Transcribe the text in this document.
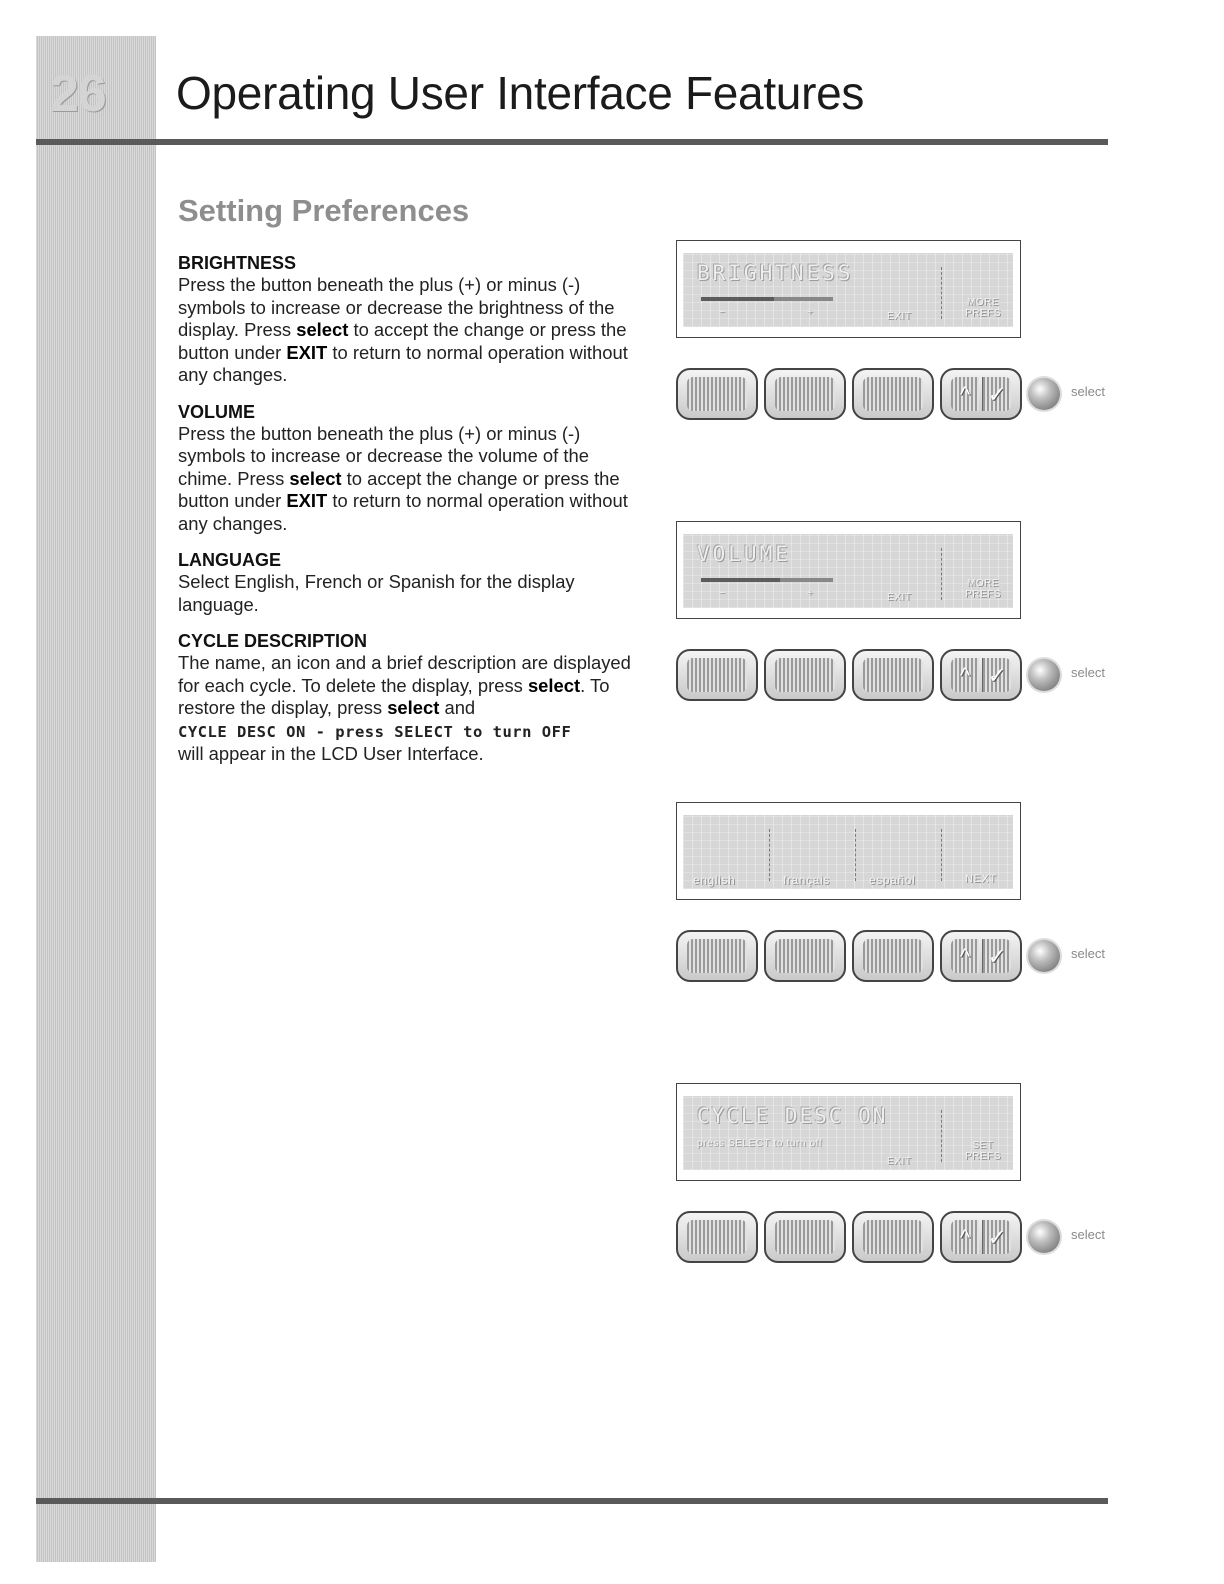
26 Operating User Interface Features
Setting Preferences
BRIGHTNESS

Press the button beneath the plus (+) or minus (-) symbols to increase or decrease the brightness of the display. Press select to accept the change or press the button under EXIT to return to normal operation without any changes.

VOLUME

Press the button beneath the plus (+) or minus (-) symbols to increase or decrease the volume of the chime. Press select to accept the change or press the button under EXIT to return to normal operation without any changes.

LANGUAGE

Select English, French or Spanish for the display language.

CYCLE DESCRIPTION

The name, an icon and a brief description are displayed for each cycle. To delete the display, press select. To restore the display, press select and
CYCLE DESC ON - press SELECT to turn OFF
will appear in the LCD User Interface.

BRIGHTNESS
−	+	EXIT
MORE
PREFS
^ ✓	select
VOLUME
−	+	EXIT
MORE
PREFS
^ ✓	select
english	français	español	NEXT
^ ✓	select
CYCLE DESC ON
press SELECT to turn off
EXIT
SET
PREFS
^ ✓	select
